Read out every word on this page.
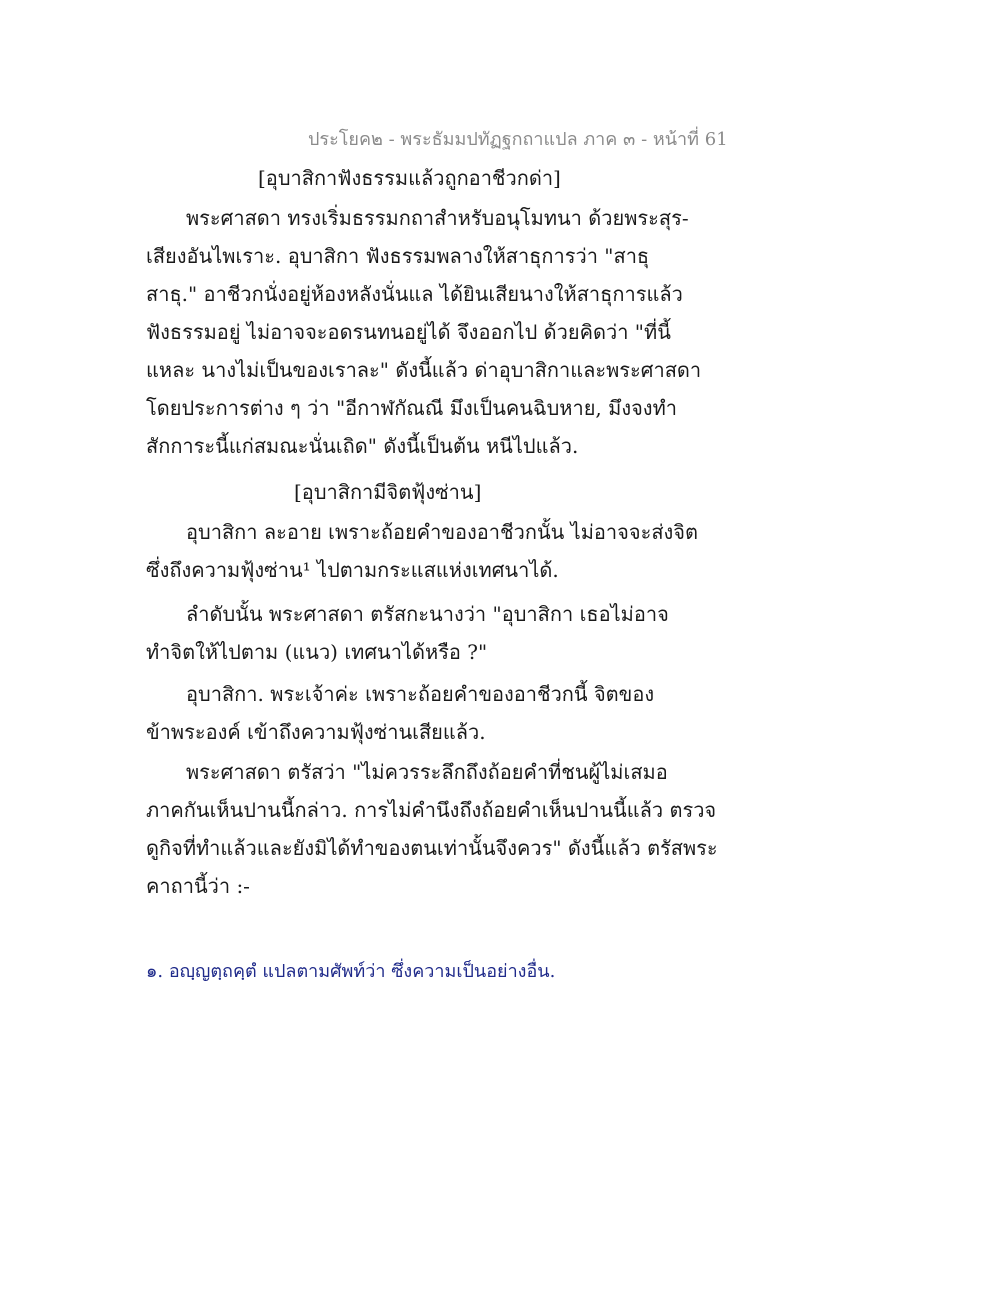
ประโยค๒ - พระธัมมปทัฏฐกถาแปล ภาค ๓ - หน้าที่ 61
[อุบาสิกาฟังธรรมแล้วถูกอาชีวกด่า]
พระศาสดา ทรงเริ่มธรรมกถาสำหรับอนุโมทนา ด้วยพระสุร-
เสียงอันไพเราะ. อุบาสิกา ฟังธรรมพลางให้สาธุการว่า "สาธุ
สาธุ." อาชีวกนั่งอยู่ห้องหลังนั่นแล ได้ยินเสียนางให้สาธุการแล้ว
ฟังธรรมอยู่ ไม่อาจจะอดรนทนอยู่ได้ จึงออกไป ด้วยคิดว่า "ที่นี้
แหละ นางไม่เป็นของเราละ" ดังนี้แล้ว ด่าอุบาสิกาและพระศาสดา
โดยประการต่าง ๆ ว่า "อีกาฬกัณณี มึงเป็นคนฉิบหาย, มึงจงทำ
สักการะนี้แก่สมณะนั่นเถิด" ดังนี้เป็นต้น หนีไปแล้ว.
[อุบาสิกามีจิตฟุ้งซ่าน]
อุบาสิกา ละอาย เพราะถ้อยคำของอาชีวกนั้น ไม่อาจจะส่งจิต
ซึ่งถึงความฟุ้งซ่าน¹ ไปตามกระแสแห่งเทศนาได้.
ลำดับนั้น พระศาสดา ตรัสกะนางว่า "อุบาสิกา เธอไม่อาจ
ทำจิตให้ไปตาม (แนว) เทศนาได้หรือ ?"
อุบาสิกา. พระเจ้าค่ะ เพราะถ้อยคำของอาชีวกนี้ จิตของ
ข้าพระองค์ เข้าถึงความฟุ้งซ่านเสียแล้ว.
พระศาสดา ตรัสว่า "ไม่ควรระลึกถึงถ้อยคำที่ชนผู้ไม่เสมอ
ภาคกันเห็นปานนี้กล่าว. การไม่คำนึงถึงถ้อยคำเห็นปานนี้แล้ว ตรวจ
ดูกิจที่ทำแล้วและยังมิได้ทำของตนเท่านั้นจึงควร" ดังนี้แล้ว ตรัสพระ
คาถานี้ว่า :-
๑. อญฺญตฺถคฺตํ แปลตามศัพท์ว่า ซึ่งความเป็นอย่างอื่น.
